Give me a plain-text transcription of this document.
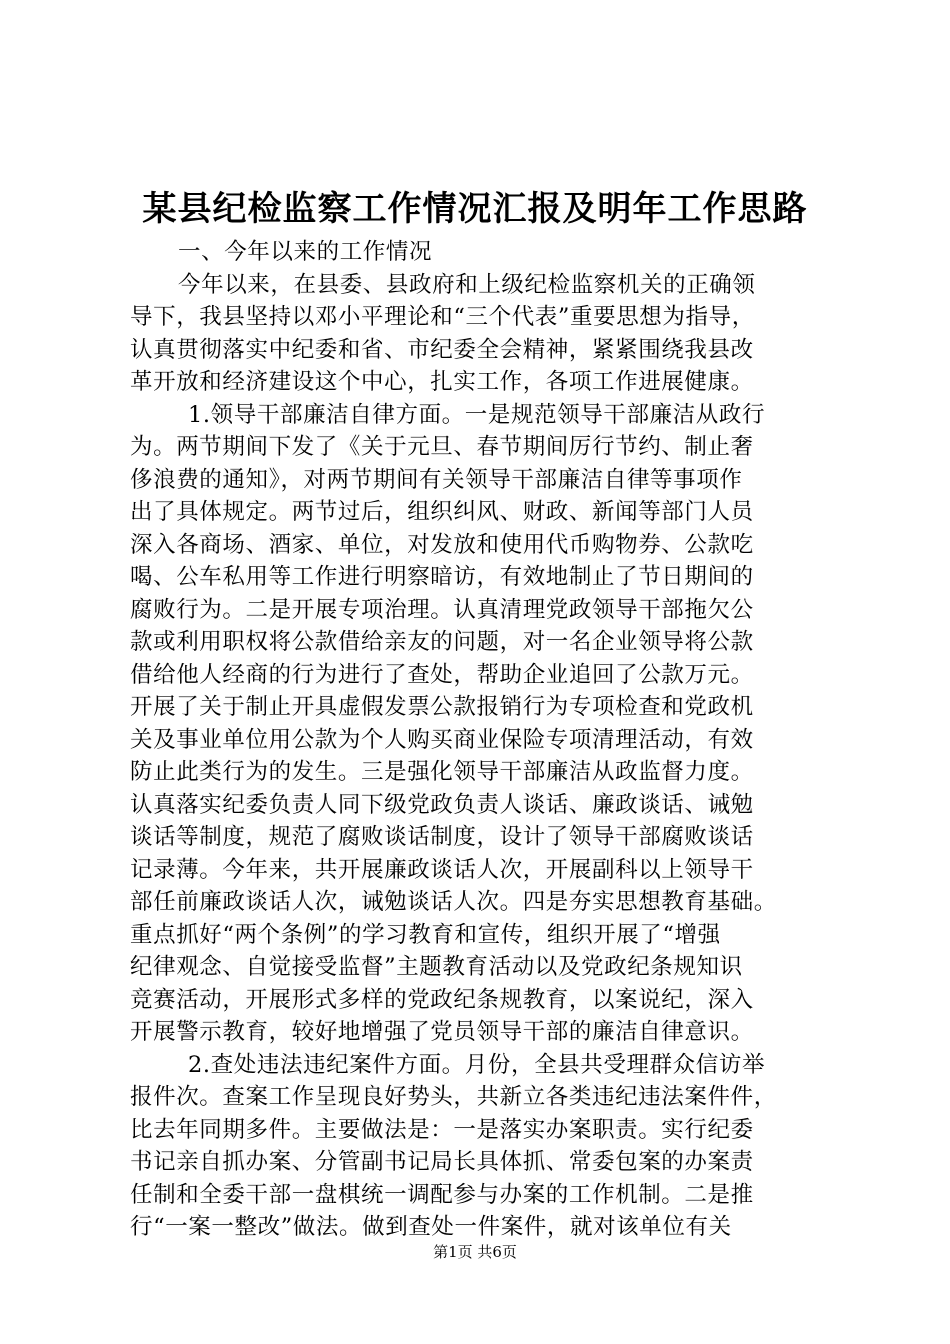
某县纪检监察工作情况汇报及明年工作思路
一、今年以来的工作情况
今年以来，在县委、县政府和上级纪检监察机关的正确领
导下，我县坚持以邓小平理论和“三个代表”重要思想为指导，
认真贯彻落实中纪委和省、市纪委全会精神，紧紧围绕我县改
革开放和经济建设这个中心，扎实工作，各项工作进展健康。
1.领导干部廉洁自律方面。一是规范领导干部廉洁从政行
为。两节期间下发了《关于元旦、春节期间厉行节约、制止奢
侈浪费的通知》，对两节期间有关领导干部廉洁自律等事项作
出了具体规定。两节过后，组织纠风、财政、新闻等部门人员
深入各商场、酒家、单位，对发放和使用代币购物券、公款吃
喝、公车私用等工作进行明察暗访，有效地制止了节日期间的
腐败行为。二是开展专项治理。认真清理党政领导干部拖欠公
款或利用职权将公款借给亲友的问题，对一名企业领导将公款
借给他人经商的行为进行了查处，帮助企业追回了公款万元。
开展了关于制止开具虚假发票公款报销行为专项检查和党政机
关及事业单位用公款为个人购买商业保险专项清理活动，有效
防止此类行为的发生。三是强化领导干部廉洁从政监督力度。
认真落实纪委负责人同下级党政负责人谈话、廉政谈话、诫勉
谈话等制度，规范了腐败谈话制度，设计了领导干部腐败谈话
记录薄。今年来，共开展廉政谈话人次，开展副科以上领导干
部任前廉政谈话人次，诫勉谈话人次。四是夯实思想教育基础。
重点抓好“两个条例”的学习教育和宣传，组织开展了“增强
纪律观念、自觉接受监督”主题教育活动以及党政纪条规知识
竞赛活动，开展形式多样的党政纪条规教育，以案说纪，深入
开展警示教育，较好地增强了党员领导干部的廉洁自律意识。
2.查处违法违纪案件方面。月份，全县共受理群众信访举
报件次。查案工作呈现良好势头，共新立各类违纪违法案件件，
比去年同期多件。主要做法是：一是落实办案职责。实行纪委
书记亲自抓办案、分管副书记局长具体抓、常委包案的办案责
任制和全委干部一盘棋统一调配参与办案的工作机制。二是推
行“一案一整改”做法。做到查处一件案件，就对该单位有关
第1页 共6页
